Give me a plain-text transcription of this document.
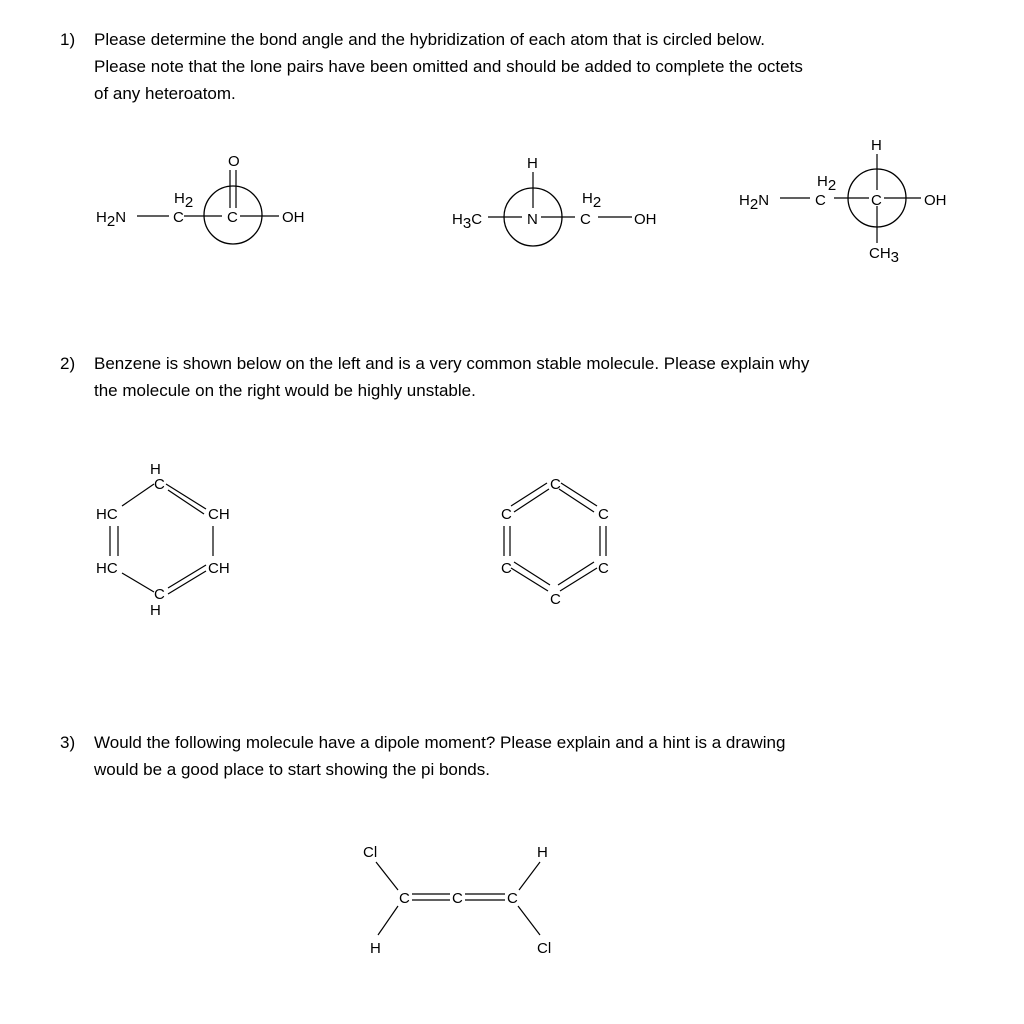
1) Please determine the bond angle and the hybridization of each atom that is circled below.
Please note that the lone pairs have been omitted and should be added to complete the octets
of any heteroatom.
2) Benzene is shown below on the left and is a very common stable molecule. Please explain why
the molecule on the right would be highly unstable.
3) Would the following molecule have a dipole moment? Please explain and a hint is a drawing
would be a good place to start showing the pi bonds.
H2N
H2
C
O
C	OH	H3C
H
N
H2
C	OH
H2N
H2
C
H
C	OH
CH3
H
C
HC	CH
HC	CH
C
H
C
C	C
C	C
C
Cl	H
C	C	C
H	Cl
